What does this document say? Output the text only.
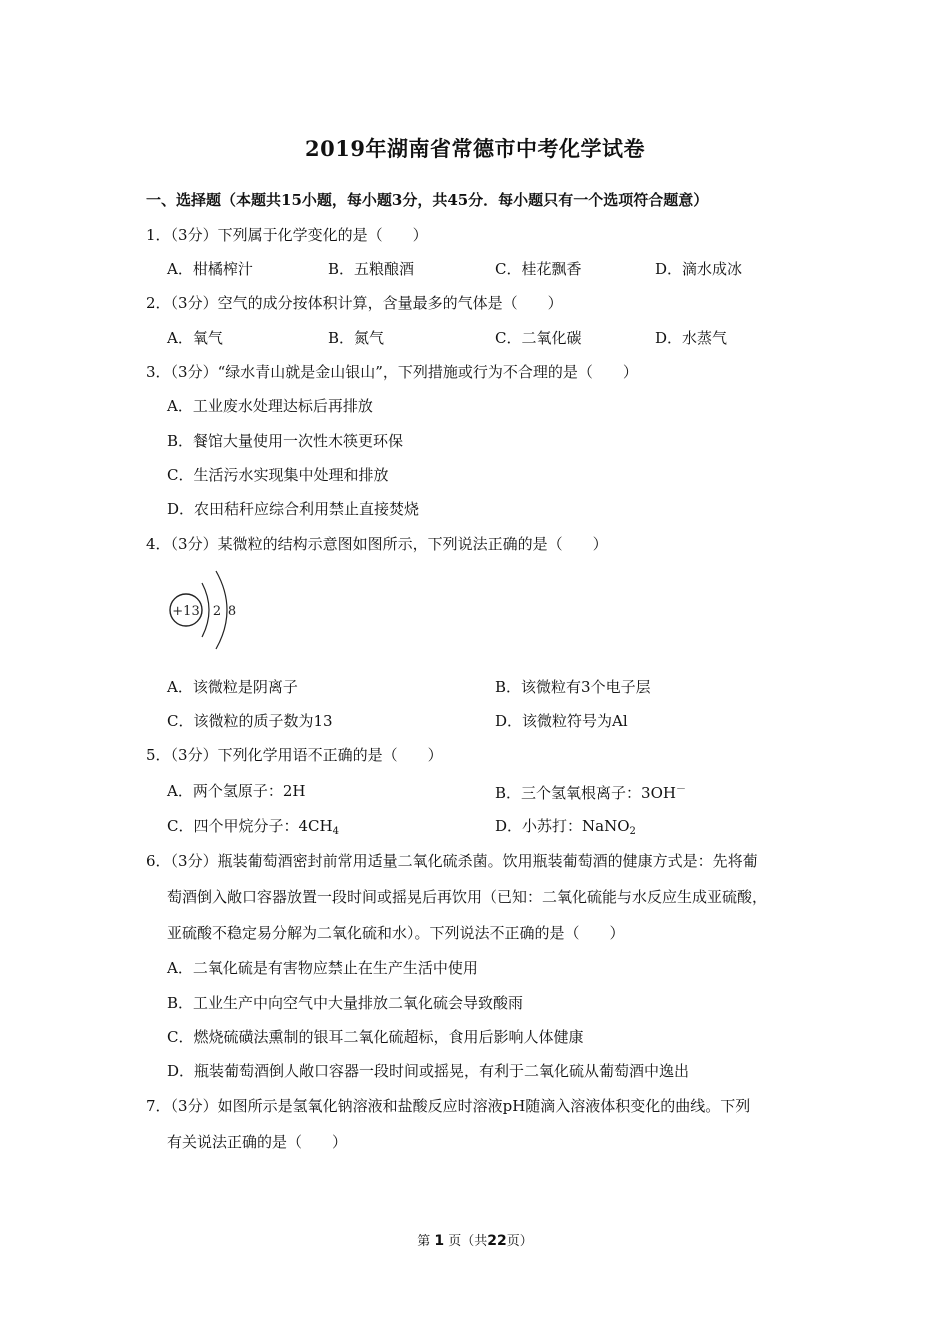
2019年湖南省常德市中考化学试卷
一、选择题（本题共15小题，每小题3分，共45分．每小题只有一个选项符合题意）
1．（3分）下列属于化学变化的是（　　）
A．柑橘榨汁	B．五粮酿酒	C．桂花飘香	D．滴水成冰
2．（3分）空气的成分按体积计算，含量最多的气体是（　　）
A．氧气	B．氮气	C．二氧化碳	D．水蒸气
3．（3分）“绿水青山就是金山银山”，下列措施或行为不合理的是（　　）
A．工业废水处理达标后再排放
B．餐馆大量使用一次性木筷更环保
C．生活污水实现集中处理和排放
D．农田秸秆应综合利用禁止直接焚烧
4．（3分）某微粒的结构示意图如图所示，下列说法正确的是（　　）
+13 2 8
A．该微粒是阴离子	B．该微粒有3个电子层
C．该微粒的质子数为13	D．该微粒符号为Al
5．（3分）下列化学用语不正确的是（　　）
A．两个氢原子：2H	B．三个氢氧根离子：3OH－
C．四个甲烷分子：$4CH_4$	D．小苏打：NaNO$_2$
6．（3分）瓶装葡萄酒密封前常用适量二氧化硫杀菌。饮用瓶装葡萄酒的健康方式是：先将葡
萄酒倒入敞口容器放置一段时间或摇晃后再饮用（已知：二氧化硫能与水反应生成亚硫酸，
亚硫酸不稳定易分解为二氧化硫和水）。下列说法不正确的是（　　）
A．二氧化硫是有害物应禁止在生产生活中使用
B．工业生产中向空气中大量排放二氧化硫会导致酸雨
C．燃烧硫磺法熏制的银耳二氧化硫超标，食用后影响人体健康
D．瓶装葡萄酒倒人敞口容器一段时间或摇晃，有利于二氧化硫从葡萄酒中逸出
7．（3分）如图所示是氢氧化钠溶液和盐酸反应时溶液pH随滴入溶液体积变化的曲线。下列
有关说法正确的是（　　）
第 1 页（共22页）
